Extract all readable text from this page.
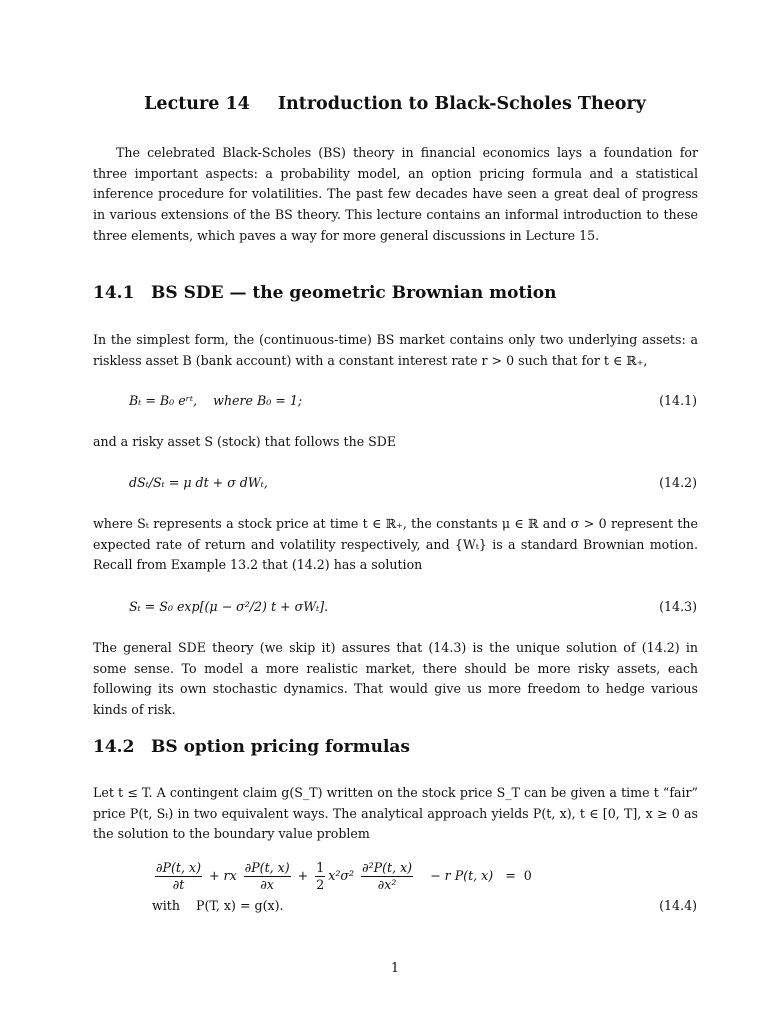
Lecture 14 Introduction to Black-Scholes Theory
The celebrated Black-Scholes (BS) theory in financial economics lays a foundation for three important aspects: a probability model, an option pricing formula and a statistical inference procedure for volatilities. The past few decades have seen a great deal of progress in various extensions of the BS theory. This lecture contains an informal introduction to these three elements, which paves a way for more general discussions in Lecture 15.
14.1 BS SDE — the geometric Brownian motion
In the simplest form, the (continuous-time) BS market contains only two underlying assets: a riskless asset B (bank account) with a constant interest rate r > 0 such that for t ∈ ℝ₊,
Bₜ = B₀ eʳᵗ,    where B₀ = 1;	(14.1)
and a risky asset S (stock) that follows the SDE
dSₜ/Sₜ = μ dt + σ dWₜ,	(14.2)
where Sₜ represents a stock price at time t ∈ ℝ₊, the constants μ ∈ ℝ and σ > 0 represent the expected rate of return and volatility respectively, and {Wₜ} is a standard Brownian motion. Recall from Example 13.2 that (14.2) has a solution
Sₜ = S₀ exp[(μ − σ²/2) t + σWₜ].	(14.3)
The general SDE theory (we skip it) assures that (14.3) is the unique solution of (14.2) in some sense. To model a more realistic market, there should be more risky assets, each following its own stochastic dynamics. That would give us more freedom to hedge various kinds of risk.
14.2 BS option pricing formulas
Let t ≤ T. A contingent claim g(S_T) written on the stock price S_T can be given a time t “fair” price P(t, Sₜ) in two equivalent ways. The analytical approach yields P(t, x), t ∈ [0, T], x ≥ 0 as the solution to the boundary value problem
$\frac{\partial P(t, x)}{\partial t}$ + rx $\frac{\partial P(t, x)}{\partial x} + \frac{1}{2} x^2\sigma^2 \frac{\text{∂²P(t, x)}}{\text{∂x²}} - r$ P(t, x) = 0
with    P(T, x) = g(x).	(14.4)
1
